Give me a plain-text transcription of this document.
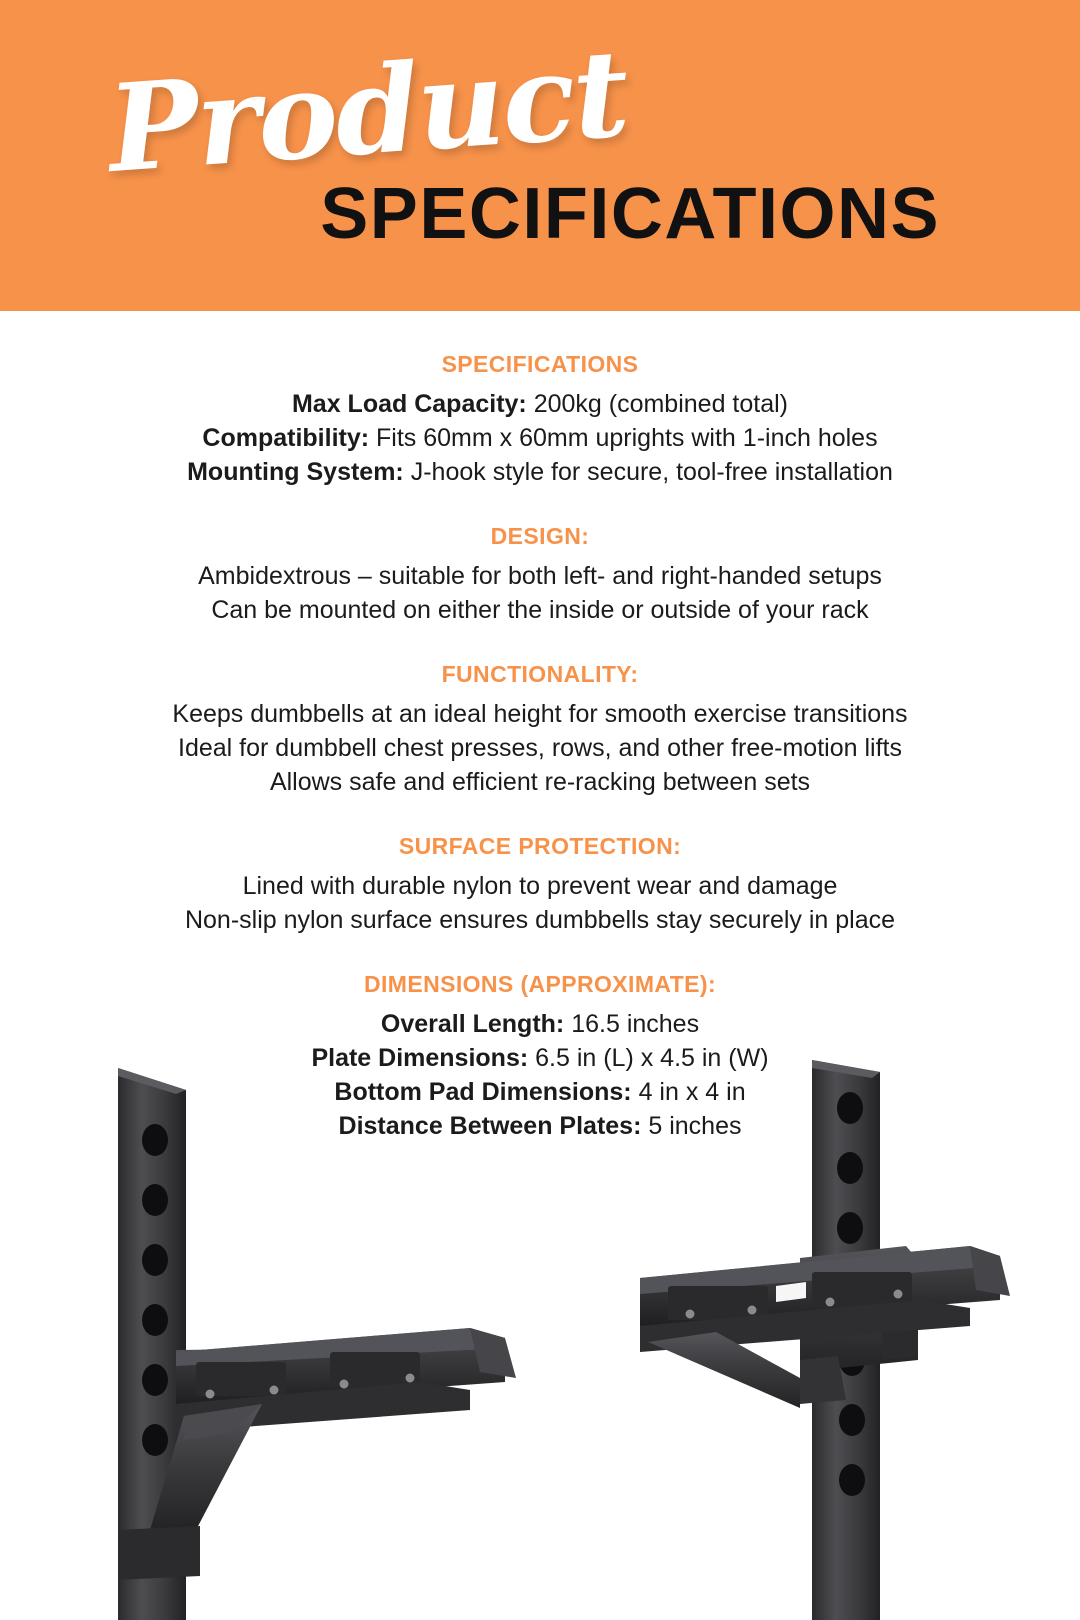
Product
SPECIFICATIONS
SPECIFICATIONS
Max Load Capacity: 200kg (combined total)
Compatibility: Fits 60mm x 60mm uprights with 1-inch holes
Mounting System: J-hook style for secure, tool-free installation
DESIGN:
Ambidextrous – suitable for both left- and right-handed setups
Can be mounted on either the inside or outside of your rack
FUNCTIONALITY:
Keeps dumbbells at an ideal height for smooth exercise transitions
Ideal for dumbbell chest presses, rows, and other free-motion lifts
Allows safe and efficient re-racking between sets
SURFACE PROTECTION:
Lined with durable nylon to prevent wear and damage
Non-slip nylon surface ensures dumbbells stay securely in place
DIMENSIONS (APPROXIMATE):
Overall Length: 16.5 inches
Plate Dimensions: 6.5 in (L) x 4.5 in (W)
Bottom Pad Dimensions: 4 in x 4 in
Distance Between Plates: 5 inches
